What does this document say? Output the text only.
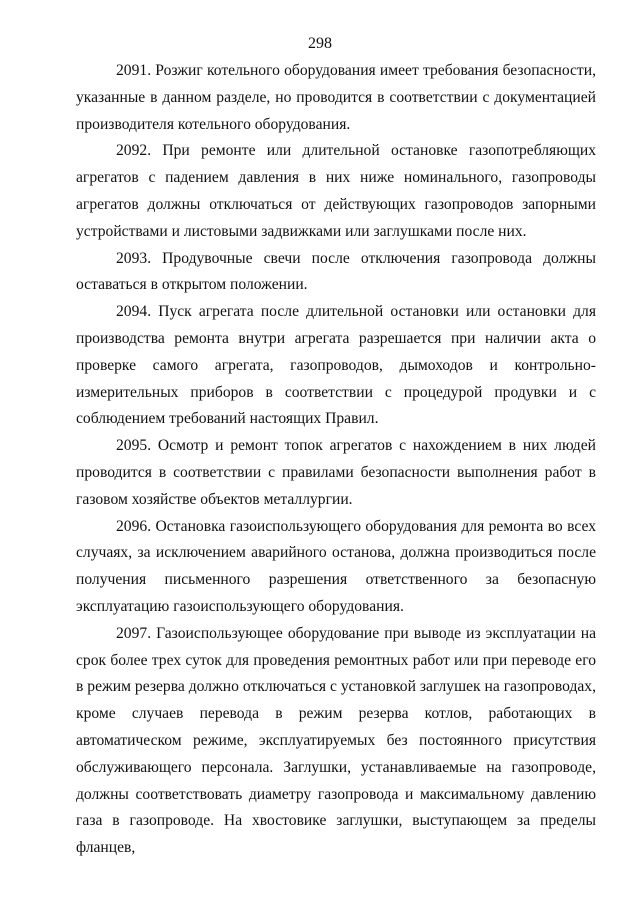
298

2091. Розжиг котельного оборудования имеет требования безопасности, указанные в данном разделе, но проводится в соответствии с документацией производителя котельного оборудования.

2092. При ремонте или длительной остановке газопотребляющих агрегатов с падением давления в них ниже номинального, газопроводы агрегатов должны отключаться от действующих газопроводов запорными устройствами и листовыми задвижками или заглушками после них.

2093. Продувочные свечи после отключения газопровода должны оставаться в открытом положении.

2094. Пуск агрегата после длительной остановки или остановки для производства ремонта внутри агрегата разрешается при наличии акта о проверке самого агрегата, газопроводов, дымоходов и контрольно-измерительных приборов в соответствии с процедурой продувки и с соблюдением требований настоящих Правил.

2095. Осмотр и ремонт топок агрегатов с нахождением в них людей проводится в соответствии с правилами безопасности выполнения работ в газовом хозяйстве объектов металлургии.

2096. Остановка газоиспользующего оборудования для ремонта во всех случаях, за исключением аварийного останова, должна производиться после получения письменного разрешения ответственного за безопасную эксплуатацию газоиспользующего оборудования.

2097. Газоиспользующее оборудование при выводе из эксплуатации на срок более трех суток для проведения ремонтных работ или при переводе его в режим резерва должно отключаться с установкой заглушек на газопроводах, кроме случаев перевода в режим резерва котлов, работающих в автоматическом режиме, эксплуатируемых без постоянного присутствия обслуживающего персонала. Заглушки, устанавливаемые на газопроводе, должны соответствовать диаметру газопровода и максимальному давлению газа в газопроводе. На хвостовике заглушки, выступающем за пределы фланцев,
